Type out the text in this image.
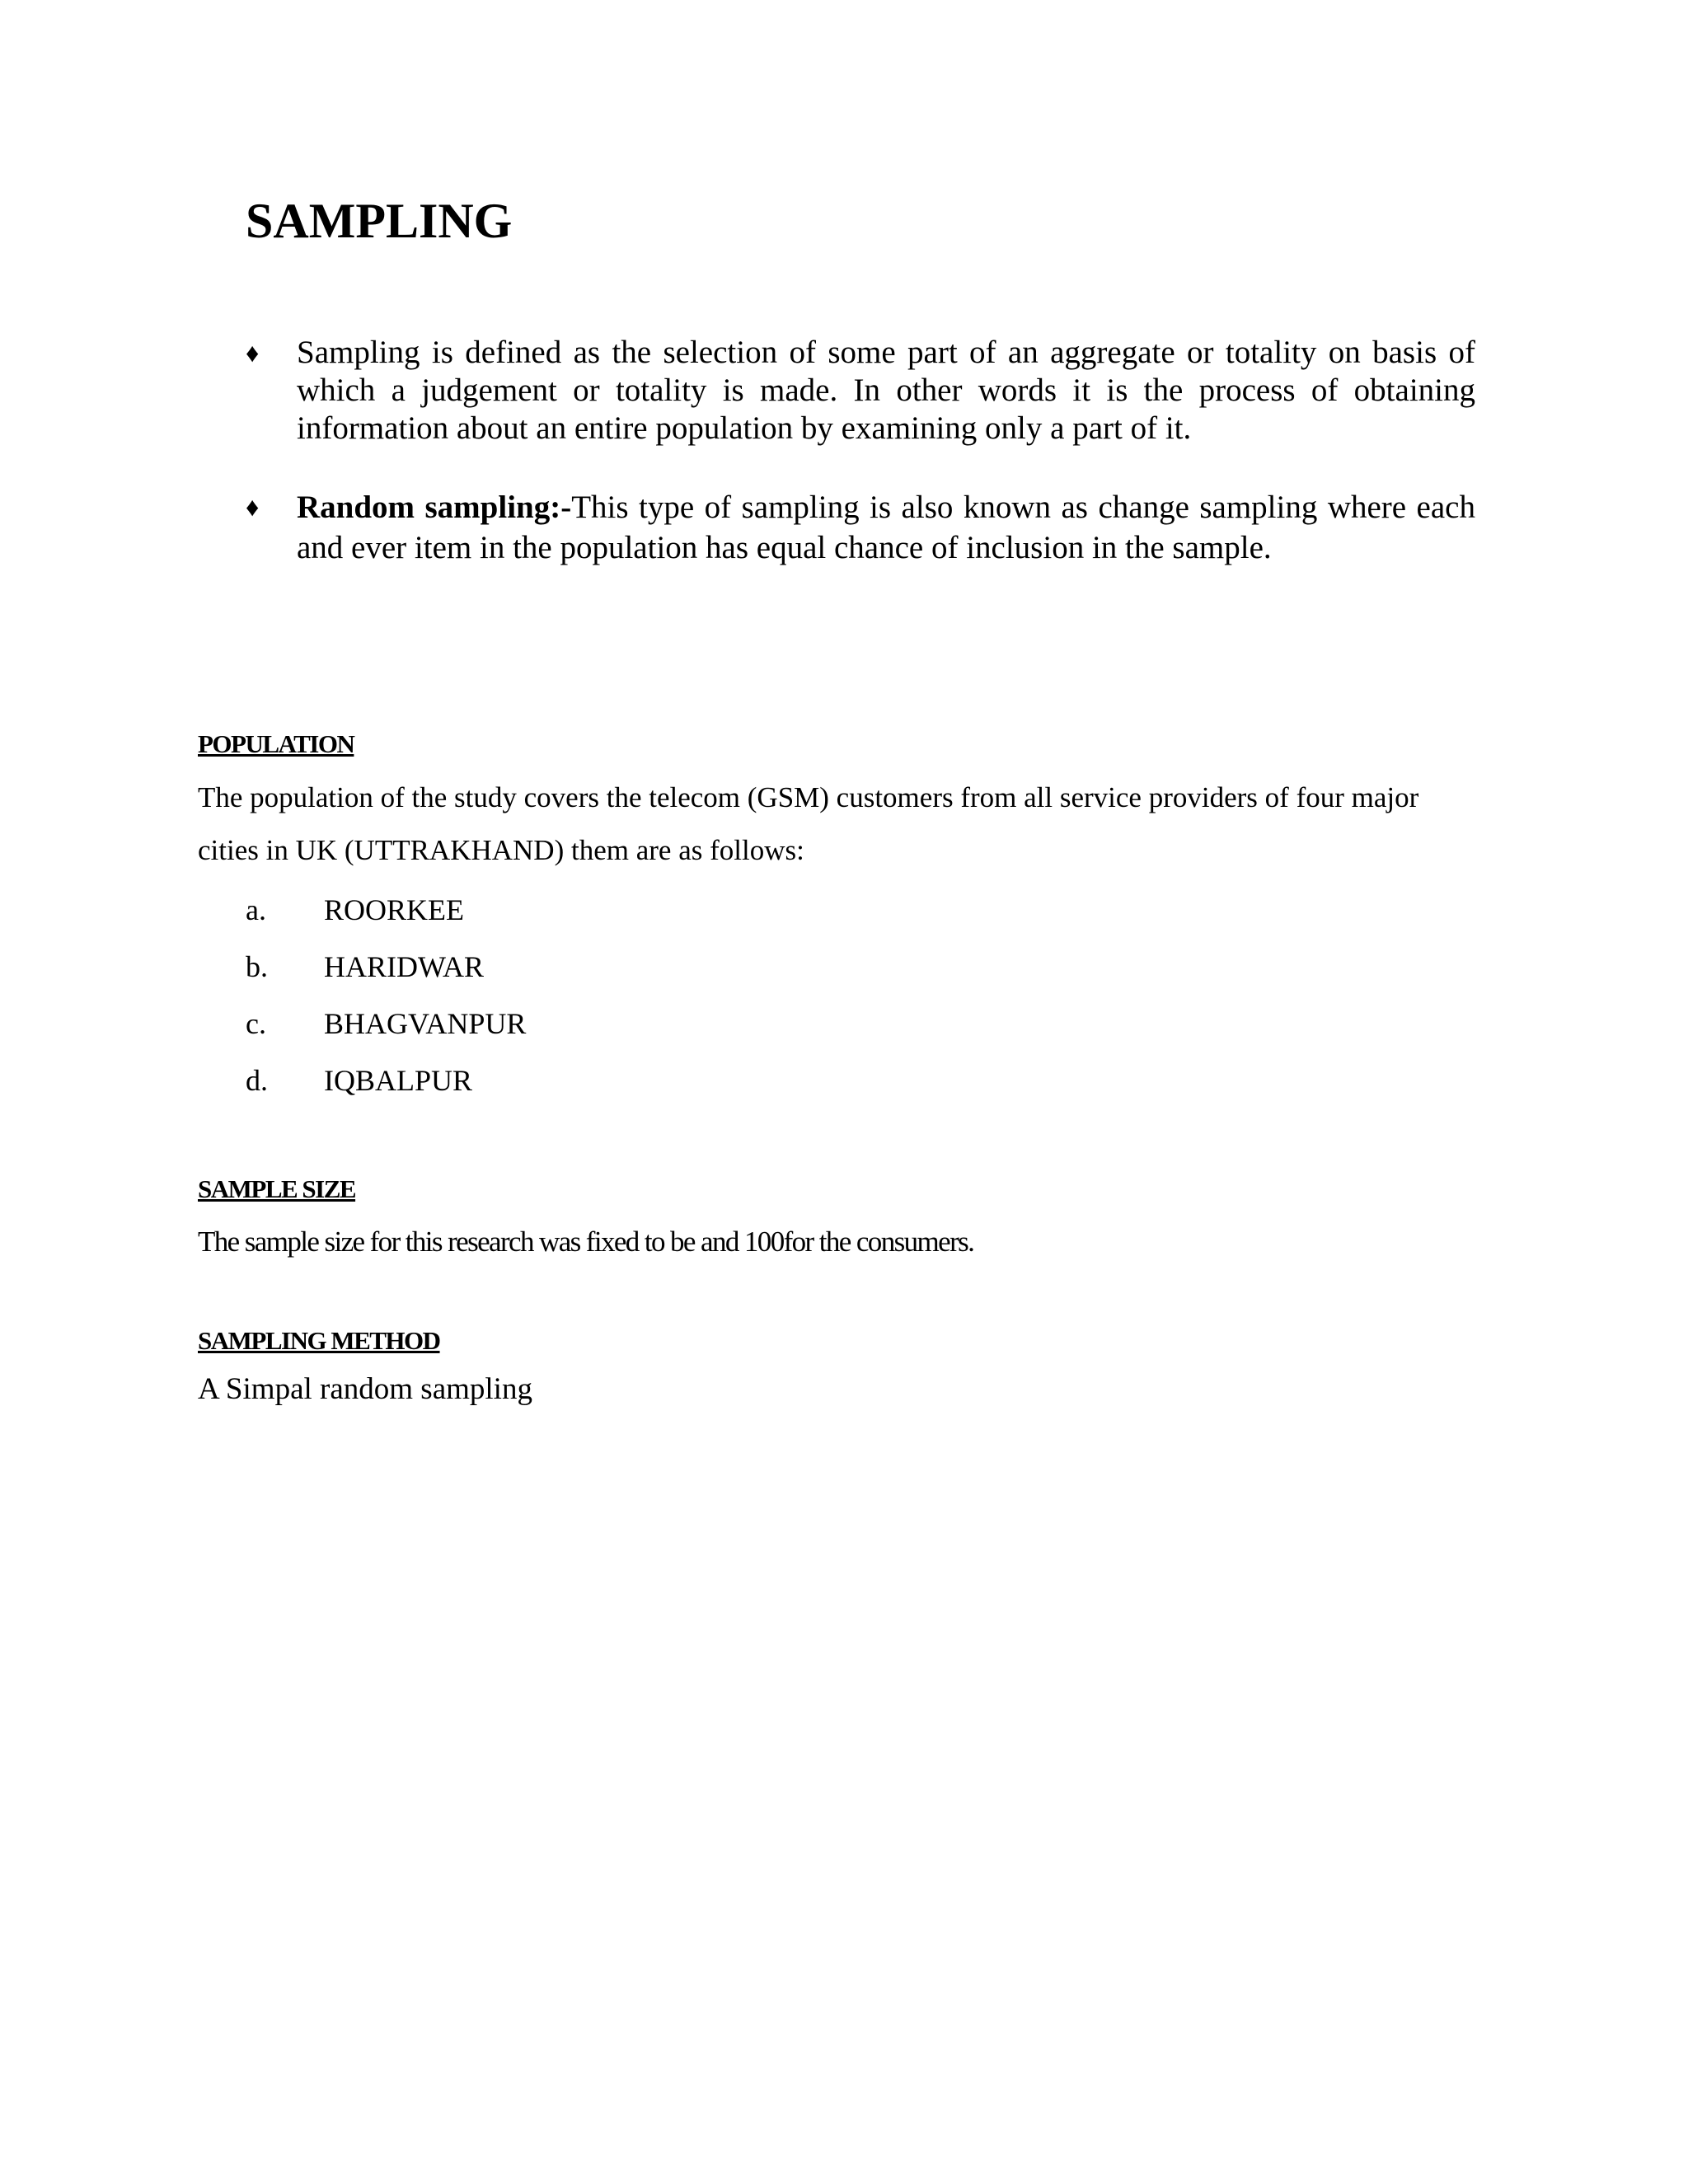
SAMPLING
♦ Sampling is defined as the selection of some part of an aggregate or totality on basis of which a judgement or totality is made. In other words it is the process of obtaining information about an entire population by examining only a part of it.
♦ Random sampling:-This type of sampling is also known as change sampling where each and ever item in the population has equal chance of inclusion in the sample.
POPULATION

The population of the study covers the telecom (GSM) customers from all service providers of four major cities in UK (UTTRAKHAND) them are as follows:

a.	ROORKEE
b.	HARIDWAR
c.	BHAGVANPUR
d.	IQBALPUR
SAMPLE SIZE

The sample size for this research was fixed to be and 100for the consumers.

SAMPLING METHOD

A Simpal random sampling
